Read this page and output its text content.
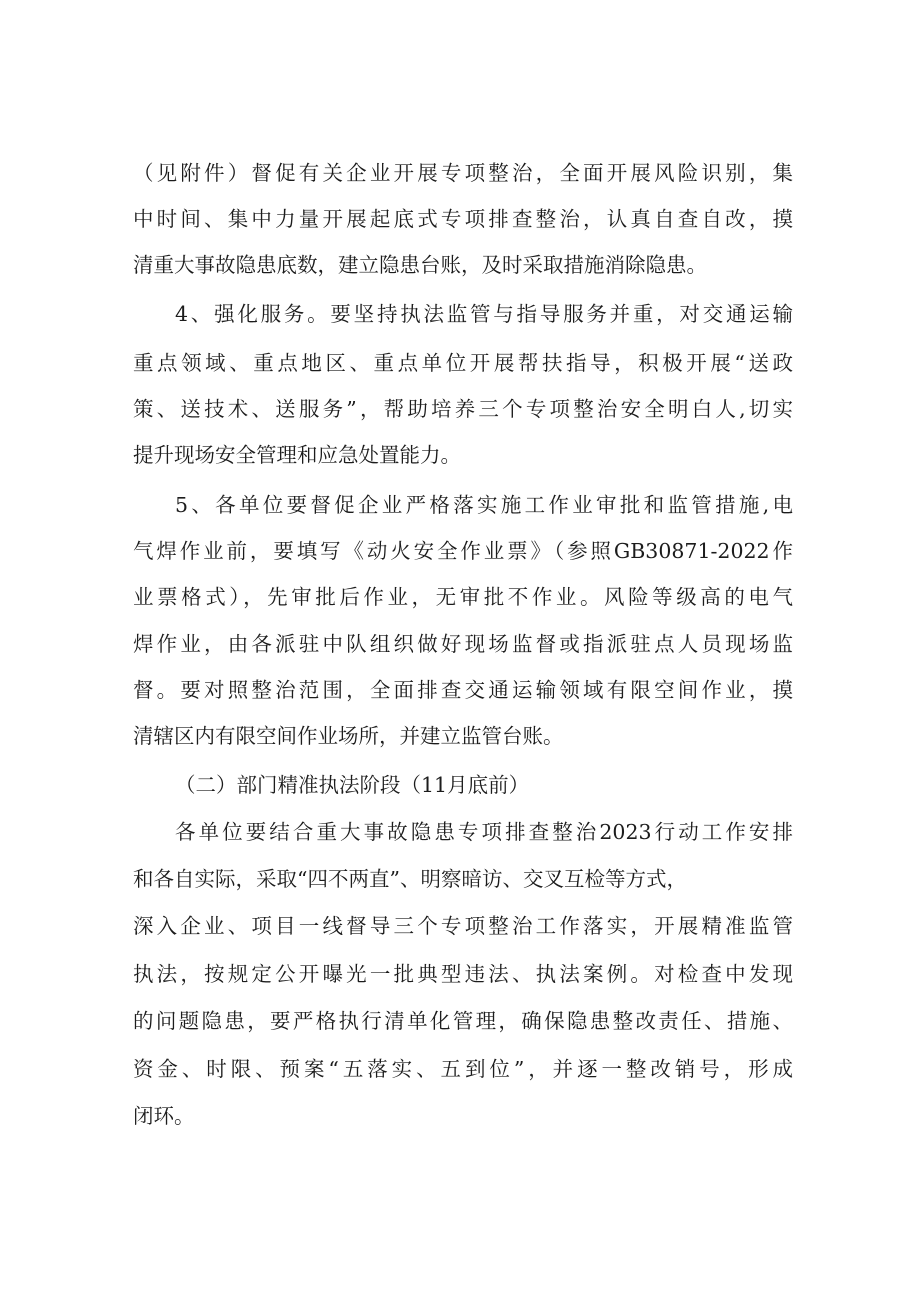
（见附件）督促有关企业开展专项整治，全面开展风险识别，集
中时间、集中力量开展起底式专项排查整治，认真自查自改，摸
清重大事故隐患底数，建立隐患台账，及时采取措施消除隐患。
4、强化服务。要坚持执法监管与指导服务并重，对交通运输
重点领域、重点地区、重点单位开展帮扶指导，积极开展“送政
策、送技术、送服务”，帮助培养三个专项整治安全明白人,切实
提升现场安全管理和应急处置能力。
5、各单位要督促企业严格落实施工作业审批和监管措施,电
气焊作业前，要填写《动火安全作业票》（参照GB30871-2022作
业票格式），先审批后作业，无审批不作业。风险等级高的电气
焊作业，由各派驻中队组织做好现场监督或指派驻点人员现场监
督。要对照整治范围，全面排查交通运输领域有限空间作业，摸
清辖区内有限空间作业场所，并建立监管台账。
（二）部门精准执法阶段（11月底前）
各单位要结合重大事故隐患专项排查整治2023行动工作安排
和各自实际，采取“四不两直”、明察暗访、交叉互检等方式，
深入企业、项目一线督导三个专项整治工作落实，开展精准监管
执法，按规定公开曝光一批典型违法、执法案例。对检查中发现
的问题隐患，要严格执行清单化管理，确保隐患整改责任、措施、
资金、时限、预案“五落实、五到位”，并逐一整改销号，形成
闭环。
